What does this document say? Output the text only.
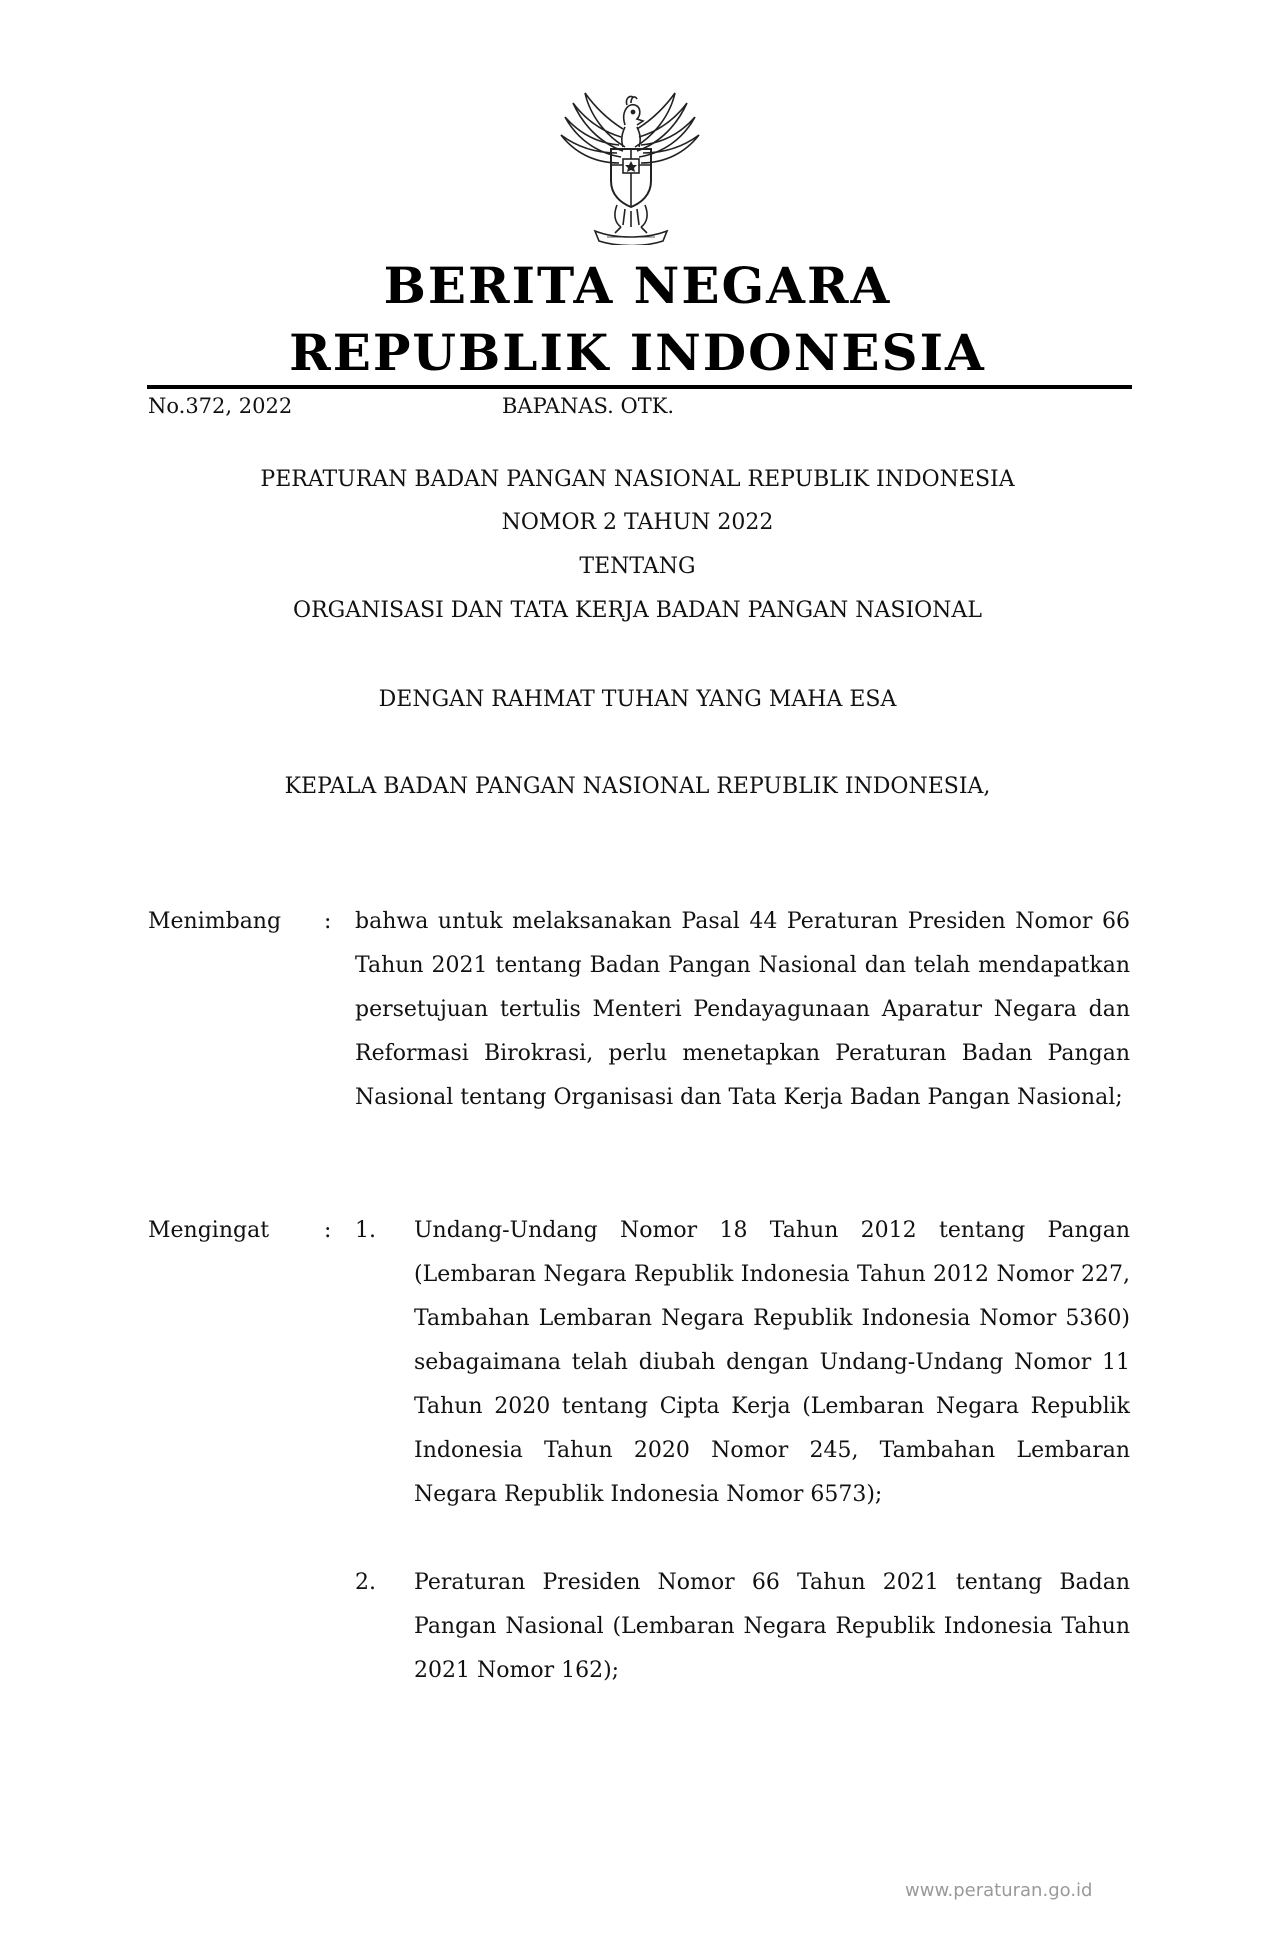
BERITA NEGARA
REPUBLIK INDONESIA
No.372, 2022	BAPANAS. OTK.
PERATURAN BADAN PANGAN NASIONAL REPUBLIK INDONESIA
NOMOR 2 TAHUN 2022
TENTANG
ORGANISASI DAN TATA KERJA BADAN PANGAN NASIONAL
DENGAN RAHMAT TUHAN YANG MAHA ESA
KEPALA BADAN PANGAN NASIONAL REPUBLIK INDONESIA,
Menimbang : bahwa untuk melaksanakan Pasal 44 Peraturan Presiden Nomor 66 Tahun 2021 tentang Badan Pangan Nasional dan telah mendapatkan persetujuan tertulis Menteri Pendayagunaan Aparatur Negara dan Reformasi Birokrasi, perlu menetapkan Peraturan Badan Pangan Nasional tentang Organisasi dan Tata Kerja Badan Pangan Nasional;
Mengingat : 1. Undang-Undang Nomor 18 Tahun 2012 tentang Pangan (Lembaran Negara Republik Indonesia Tahun 2012 Nomor 227, Tambahan Lembaran Negara Republik Indonesia Nomor 5360) sebagaimana telah diubah dengan Undang-Undang Nomor 11 Tahun 2020 tentang Cipta Kerja (Lembaran Negara Republik Indonesia Tahun 2020 Nomor 245, Tambahan Lembaran Negara Republik Indonesia Nomor 6573);
2. Peraturan Presiden Nomor 66 Tahun 2021 tentang Badan Pangan Nasional (Lembaran Negara Republik Indonesia Tahun 2021 Nomor 162);
www.peraturan.go.id
